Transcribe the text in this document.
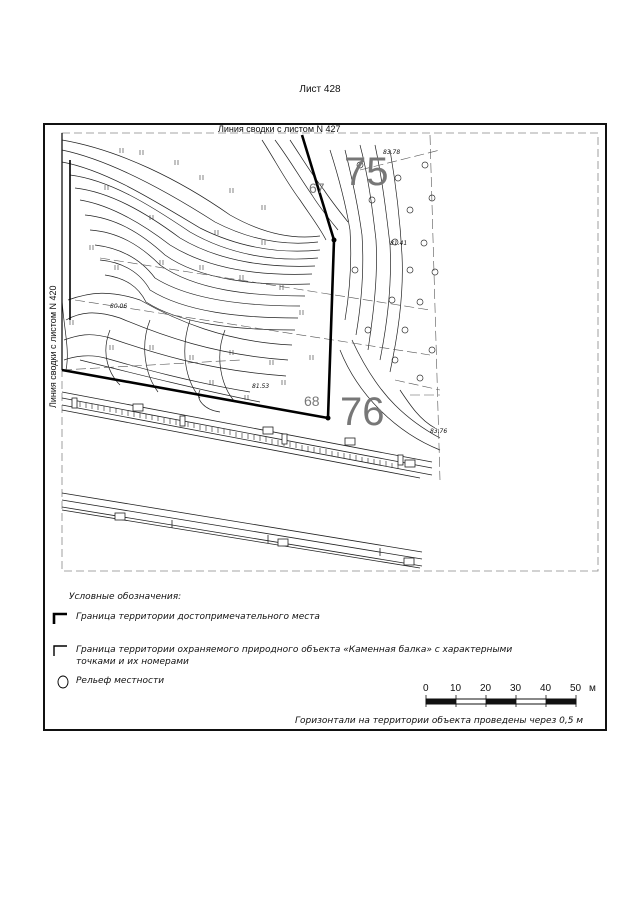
Лист 428
Линия сводки с листом N 427
Линия сводки с листом N 420
75
76
67
68
83.78
81.41
80.06
81.53
83.76
Условные обозначения:
Граница территории достопримечательного места
Граница территории охраняемого природного объекта «Каменная балка» с характерными точками и их номерами
Рельеф местности
0 10 20 30 40 50 м
Горизонтали на территории объекта проведены через 0,5 м
